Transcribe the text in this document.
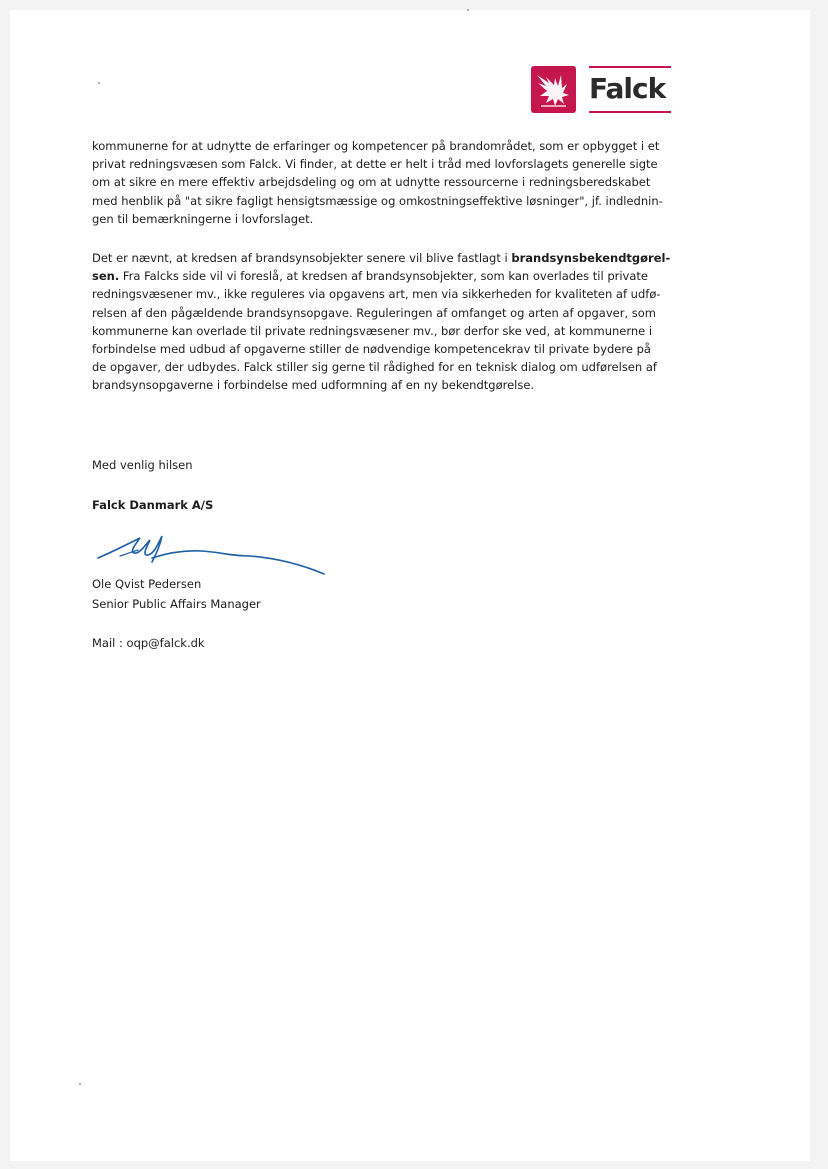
Falck
kommunerne for at udnytte de erfaringer og kompetencer på brandområdet, som er opbygget i et
privat redningsvæsen som Falck. Vi finder, at dette er helt i tråd med lovforslagets generelle sigte
om at sikre en mere effektiv arbejdsdeling og om at udnytte ressourcerne i redningsberedskabet
med henblik på "at sikre fagligt hensigtsmæssige og omkostningseffektive løsninger", jf. indlednin-
gen til bemærkningerne i lovforslaget.
Det er nævnt, at kredsen af brandsynsobjekter senere vil blive fastlagt i brandsynsbekendtgørel-
sen. Fra Falcks side vil vi foreslå, at kredsen af brandsynsobjekter, som kan overlades til private
redningsvæsener mv., ikke reguleres via opgavens art, men via sikkerheden for kvaliteten af udfø-
relsen af den pågældende brandsynsopgave. Reguleringen af omfanget og arten af opgaver, som
kommunerne kan overlade til private redningsvæsener mv., bør derfor ske ved, at kommunerne i
forbindelse med udbud af opgaverne stiller de nødvendige kompetencekrav til private bydere på
de opgaver, der udbydes. Falck stiller sig gerne til rådighed for en teknisk dialog om udførelsen af
brandsynsopgaverne i forbindelse med udformning af en ny bekendtgørelse.
Med venlig hilsen
Falck Danmark A/S
Ole Qvist Pedersen
Senior Public Affairs Manager
Mail : oqp@falck.dk
